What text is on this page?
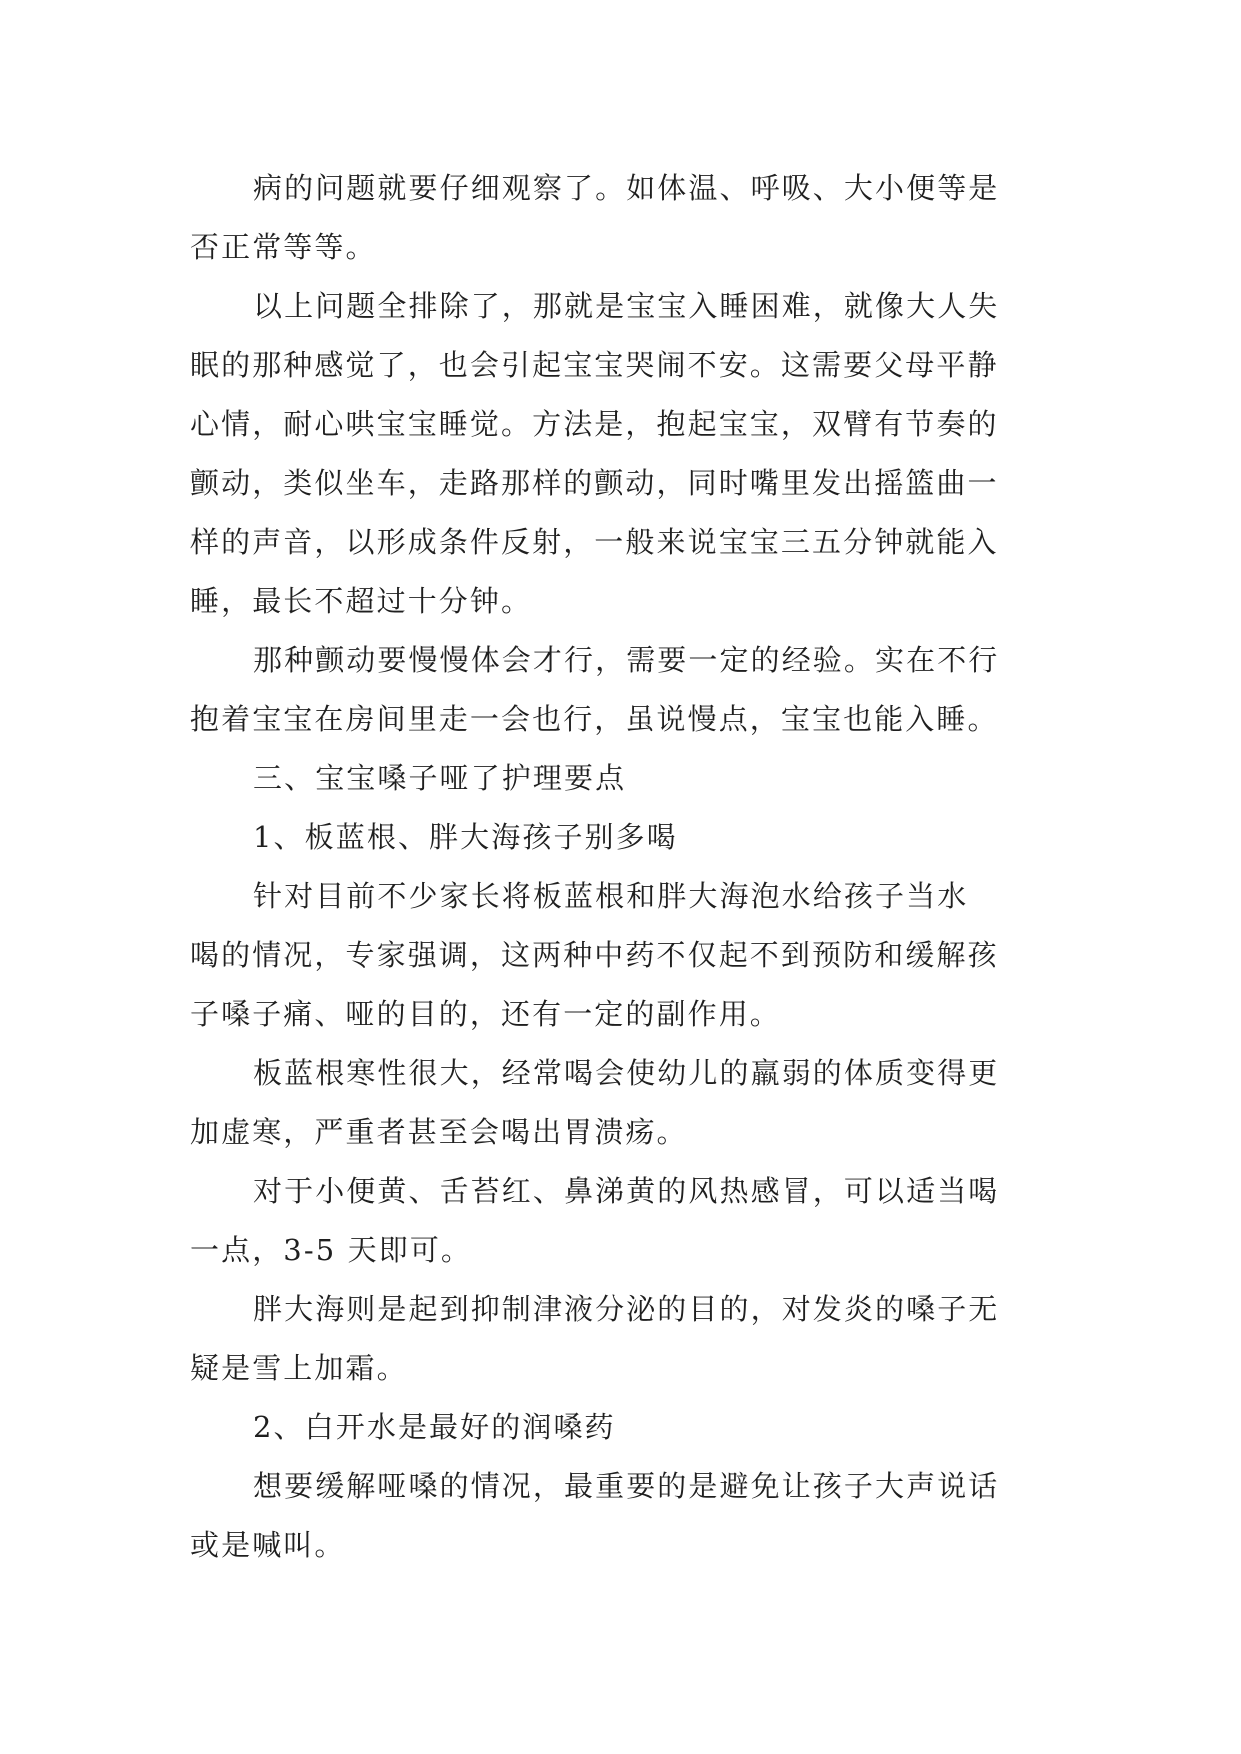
病的问题就要仔细观察了。如体温、呼吸、大小便等是
否正常等等。
以上问题全排除了，那就是宝宝入睡困难，就像大人失
眠的那种感觉了，也会引起宝宝哭闹不安。这需要父母平静
心情，耐心哄宝宝睡觉。方法是，抱起宝宝，双臂有节奏的
颤动，类似坐车，走路那样的颤动，同时嘴里发出摇篮曲一
样的声音，以形成条件反射，一般来说宝宝三五分钟就能入
睡，最长不超过十分钟。
那种颤动要慢慢体会才行，需要一定的经验。实在不行
抱着宝宝在房间里走一会也行，虽说慢点，宝宝也能入睡。
三、宝宝嗓子哑了护理要点
1、板蓝根、胖大海孩子别多喝
针对目前不少家长将板蓝根和胖大海泡水给孩子当水
喝的情况，专家强调，这两种中药不仅起不到预防和缓解孩
子嗓子痛、哑的目的，还有一定的副作用。
板蓝根寒性很大，经常喝会使幼儿的羸弱的体质变得更
加虚寒，严重者甚至会喝出胃溃疡。
对于小便黄、舌苔红、鼻涕黄的风热感冒，可以适当喝
一点，3-5 天即可。
胖大海则是起到抑制津液分泌的目的，对发炎的嗓子无
疑是雪上加霜。
2、白开水是最好的润嗓药
想要缓解哑嗓的情况，最重要的是避免让孩子大声说话
或是喊叫。
